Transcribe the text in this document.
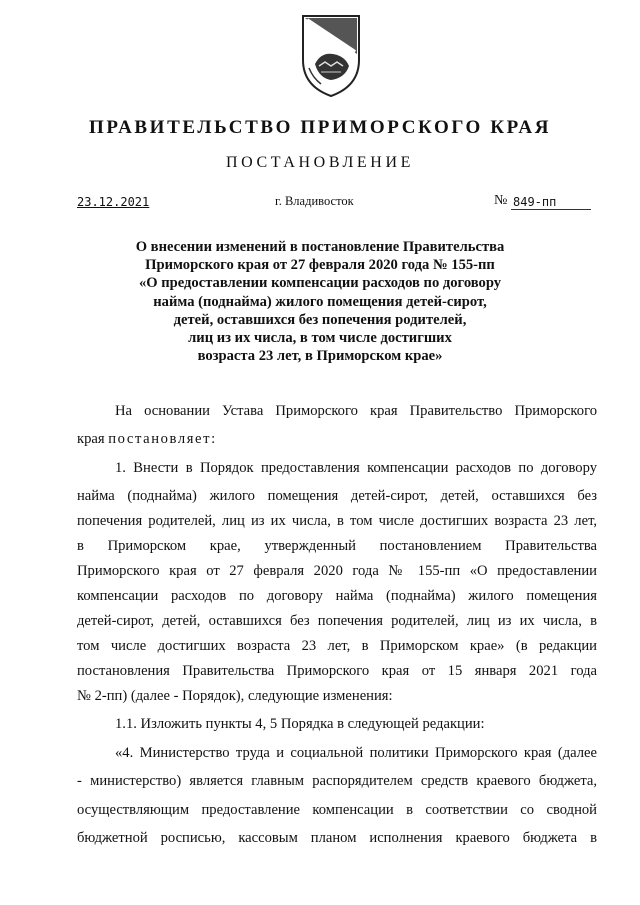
ПРАВИТЕЛЬСТВО ПРИМОРСКОГО КРАЯ
ПОСТАНОВЛЕНИЕ
23.12.2021	г. Владивосток	№ 849-пп
О внесении изменений в постановление Правительства
Приморского края от 27 февраля 2020 года № 155-пп
«О предоставлении компенсации расходов по договору
найма (поднайма) жилого помещения детей-сирот,
детей, оставшихся без попечения родителей,
лиц из их числа, в том числе достигших
возраста 23 лет, в Приморском крае»
На основании Устава Приморского края Правительство Приморского
края постановляет:
1. Внести в Порядок предоставления компенсации расходов по договору
найма (поднайма) жилого помещения детей-сирот, детей, оставшихся без
попечения родителей, лиц из их числа, в том числе достигших возраста 23 лет,
в Приморском крае, утвержденный постановлением Правительства
Приморского края от 27 февраля 2020 года № 155-пп «О предоставлении
компенсации расходов по договору найма (поднайма) жилого помещения
детей-сирот, детей, оставшихся без попечения родителей, лиц из их числа, в
том числе достигших возраста 23 лет, в Приморском крае» (в редакции
постановления Правительства Приморского края от 15 января 2021 года
№ 2-пп) (далее - Порядок), следующие изменения:
1.1. Изложить пункты 4, 5 Порядка в следующей редакции:
«4. Министерство труда и социальной политики Приморского края (далее
- министерство) является главным распорядителем средств краевого бюджета,
осуществляющим предоставление компенсации в соответствии со сводной
бюджетной росписью, кассовым планом исполнения краевого бюджета в
